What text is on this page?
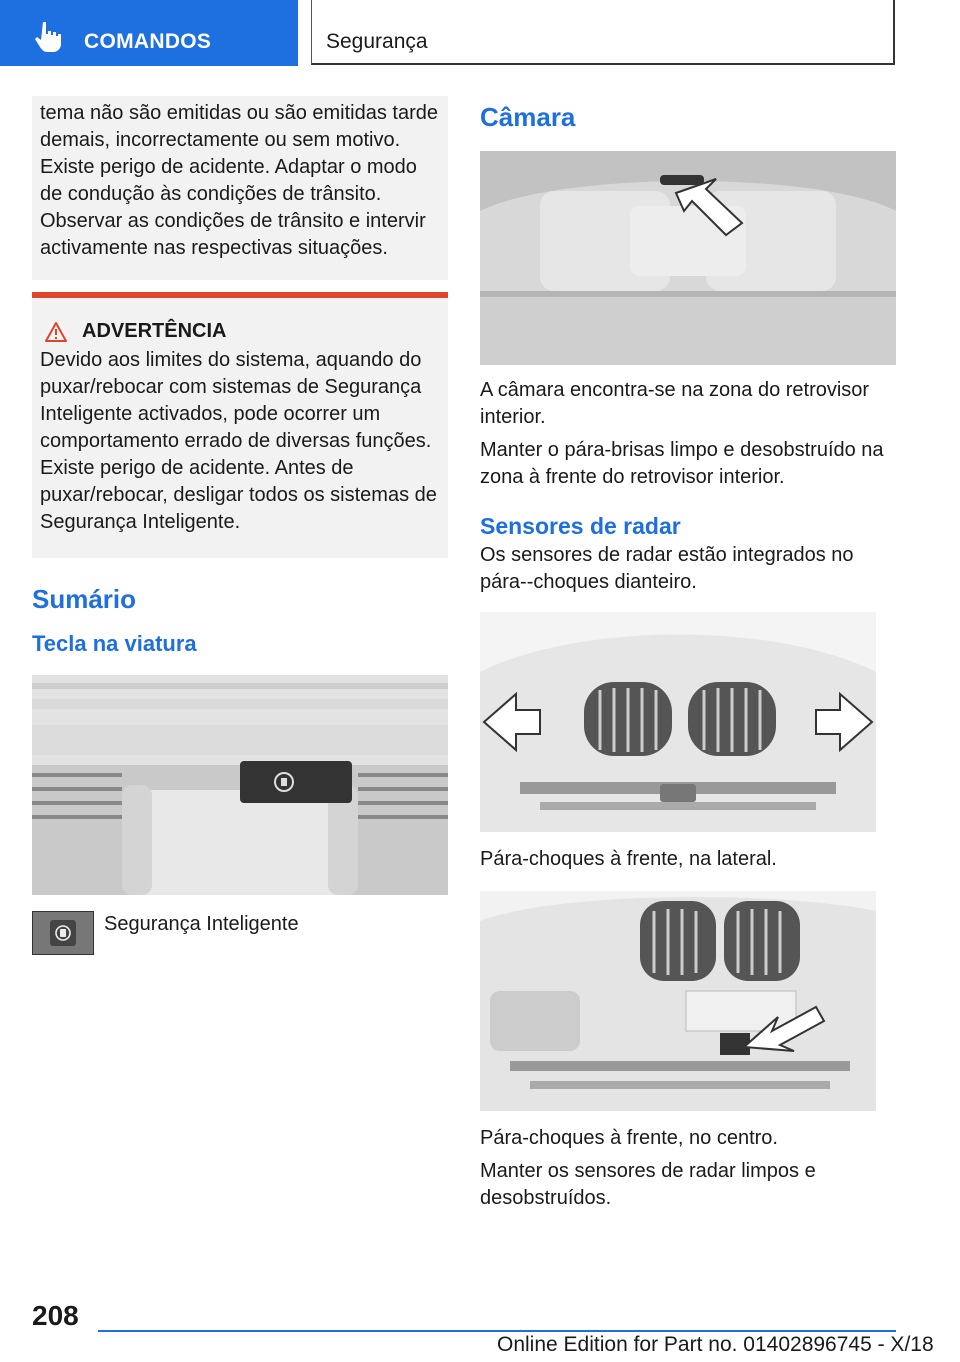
COMANDOS	Segurança

tema não são emitidas ou são emitidas tarde demais, incorrectamente ou sem motivo. Existe perigo de acidente. Adaptar o modo de condução às condições de trânsito. Observar as condições de trânsito e intervir activamente nas respectivas situações.

ADVERTÊNCIA

Devido aos limites do sistema, aquando do puxar/rebocar com sistemas de Segurança Inteligente activados, pode ocorrer um comportamento errado de diversas funções. Existe perigo de acidente. Antes de puxar/rebocar, desligar todos os sistemas de Segurança Inteligente.

Sumário
Tecla na viatura
Segurança Inteligente
Câmara

A câmara encontra-se na zona do retrovisor interior.

Manter o pára-brisas limpo e desobstruído na zona à frente do retrovisor interior.

Sensores de radar

Os sensores de radar estão integrados no pára--choques dianteiro.

Pára-choques à frente, na lateral.

Pára-choques à frente, no centro.

Manter os sensores de radar limpos e desobstruídos.

208
Online Edition for Part no. 01402896745 - X/18
